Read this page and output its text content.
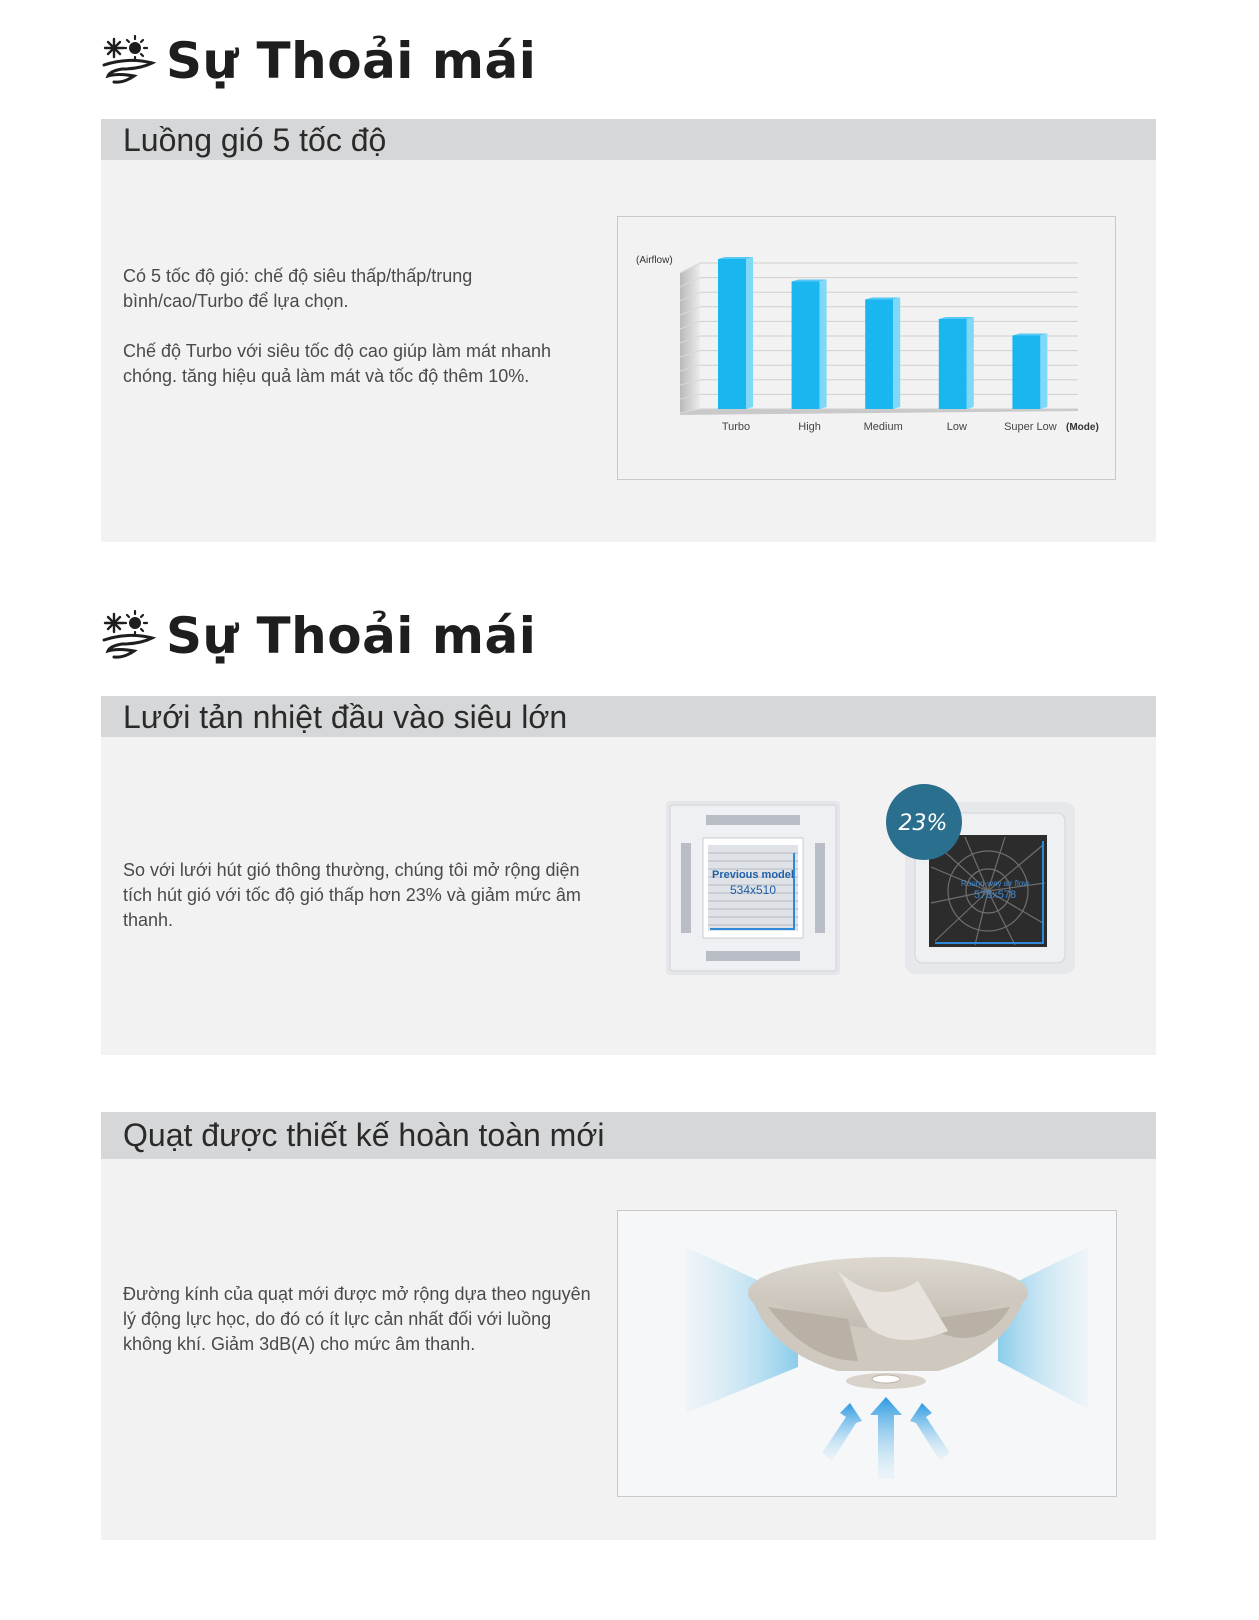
Sự Thoải mái
Luồng gió 5 tốc độ

Có 5 tốc độ gió: chế độ siêu thấp/thấp/trung bình/cao/Turbo để lựa chọn.

Chế độ Turbo với siêu tốc độ cao giúp làm mát nhanh chóng. tăng hiệu quả làm mát và tốc độ thêm 10%.

Turbo	High	Medium	Low	Super Low
(Airflow)
(Mode)
Sự Thoải mái
Lưới tản nhiệt đầu vào siêu lớn

So với lưới hút gió thông thường, chúng tôi mở rộng diện tích hút gió với tốc độ gió thấp hơn 23% và giảm mức âm thanh.

Previous model
534x510	Round-way air flow
578x578
23%
Quạt được thiết kế hoàn toàn mới

Đường kính của quạt mới được mở rộng dựa theo nguyên lý động lực học, do đó có ít lực cản nhất đối với luồng không khí. Giảm 3dB(A) cho mức âm thanh.
